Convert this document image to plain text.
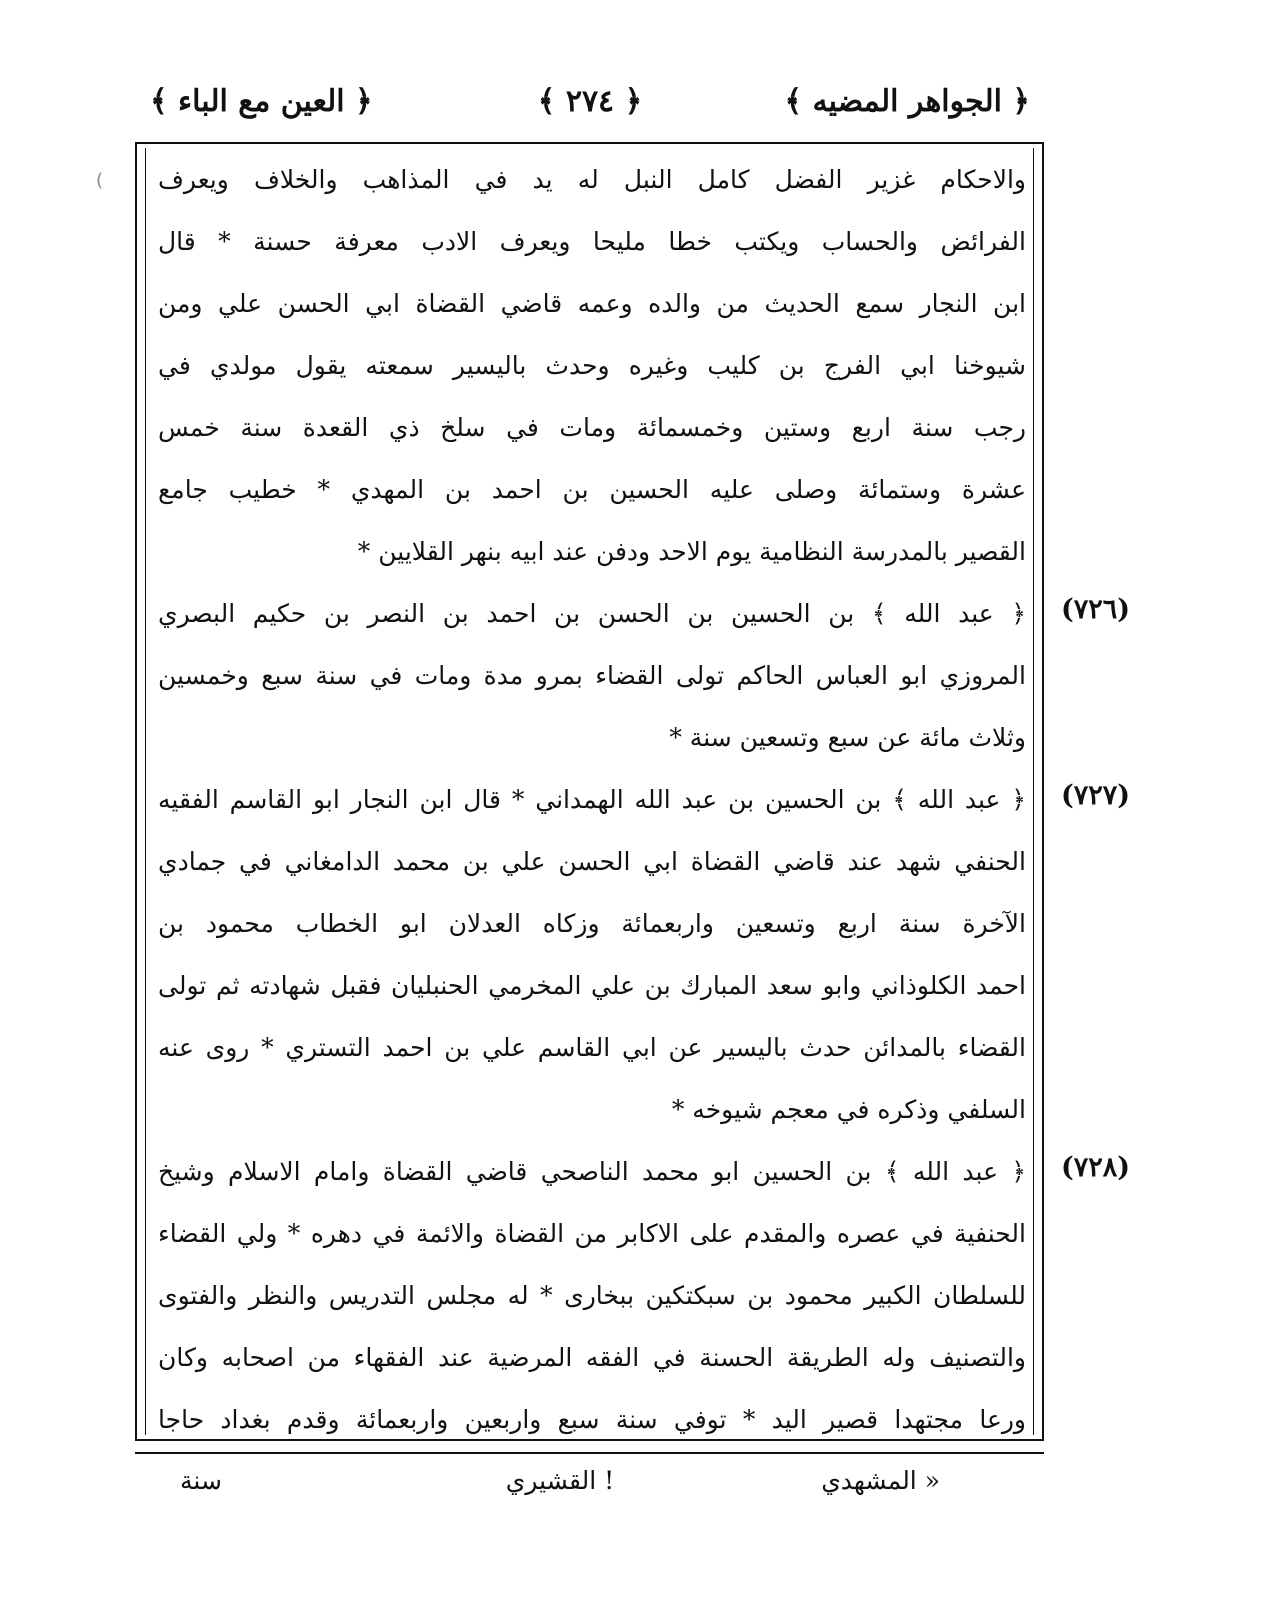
﴿ الجواهر المضيه ﴾
﴿ ٢٧٤ ﴾
﴿ العين مع الباء ﴾
(	والاحكام غزير الفضل كامل النبل له يد في المذاهب والخلاف ويعرف
الفرائض والحساب ويكتب خطا مليحا ويعرف الادب معرفة حسنة * قال
ابن النجار سمع الحديث من والده وعمه قاضي القضاة ابي الحسن علي ومن
شيوخنا ابي الفرج بن كليب وغيره وحدث باليسير سمعته يقول مولدي في
رجب سنة اربع وستين وخمسمائة ومات في سلخ ذي القعدة سنة خمس
عشرة وستمائة وصلى عليه الحسين بن احمد بن المهدي * خطيب جامع
القصير بالمدرسة النظامية يوم الاحد ودفن عند ابيه بنهر القلايين *
﴿ عبد الله ﴾ بن الحسين بن الحسن بن احمد بن النصر بن حكيم البصري
المروزي ابو العباس الحاكم تولى القضاء بمرو مدة ومات في سنة سبع وخمسين
وثلاث مائة عن سبع وتسعين سنة *
﴿ عبد الله ﴾ بن الحسين بن عبد الله الهمداني * قال ابن النجار ابو القاسم الفقيه
الحنفي شهد عند قاضي القضاة ابي الحسن علي بن محمد الدامغاني في جمادي
الآخرة سنة اربع وتسعين واربعمائة وزكاه العدلان ابو الخطاب محمود بن
احمد الكلوذاني وابو سعد المبارك بن علي المخرمي الحنبليان فقبل شهادته ثم تولى
القضاء بالمدائن حدث باليسير عن ابي القاسم علي بن احمد التستري * روى عنه
السلفي وذكره في معجم شيوخه *
﴿ عبد الله ﴾ بن الحسين ابو محمد الناصحي قاضي القضاة وامام الاسلام وشيخ
الحنفية في عصره والمقدم على الاكابر من القضاة والائمة في دهره * ولي القضاء
للسلطان الكبير محمود بن سبكتكين ببخارى * له مجلس التدريس والنظر والفتوى
والتصنيف وله الطريقة الحسنة في الفقه المرضية عند الفقهاء من اصحابه وكان
ورعا مجتهدا قصير اليد * توفي سنة سبع واربعين واربعمائة وقدم بغداد حاجا
(٧٢٦)
(٧٢٧)
(٧٢٨)
« المشهدي
! القشيري
سنة
